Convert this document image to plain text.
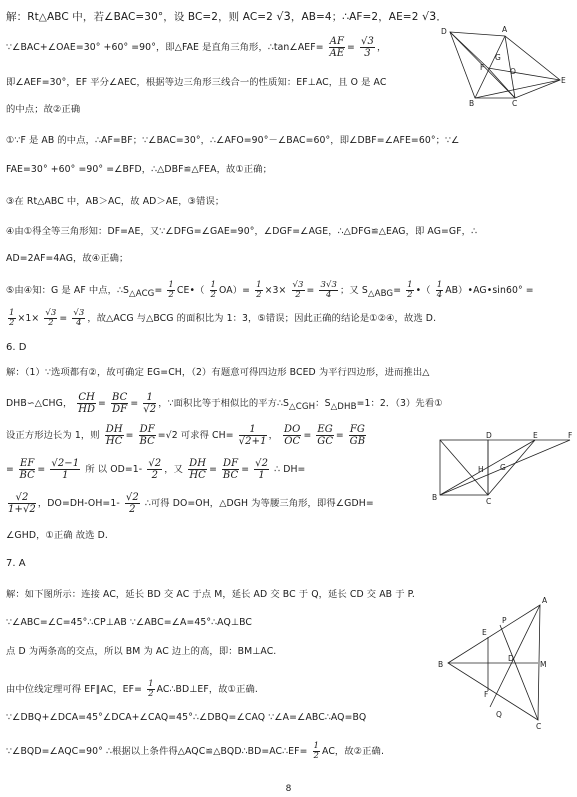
解：Rt△ABC 中，若∠BAC=30°，设 BC=2，则 AC=2 √3，AB=4；∴AF=2，AE=2 √3．
∵∠BAC+∠OAE=30° +60° =90°，即△FAE 是直角三角形，∴tan∠AEF= $\frac{AF}{AE} = \frac{√3}{3}$ ，
即∠AEF=30°，EF 平分∠AEC，根据等边三角形三线合一的性质知：EF⊥AC，且 O 是 AC
的中点；故②正确
①∵F 是 AB 的中点，∴AF=BF；∵∠BAC=30°，∴∠AFO=90°－∠BAC=60°，即∠DBF=∠AFE=60°；∵∠
FAE=30° +60° =90° =∠BFD，∴△DBF≌△FEA，故①正确；
③在 Rt△ABC 中，AB＞AC，故 AD＞AE，③错误；
④由①得全等三角形知：DF=AE，又∵∠DFG=∠GAE=90°，∠DGF=∠AGE，∴△DFG≌△EAG，即 AG=GF，∴
AD=2AF=4AG，故④正确；
⑤由④知：G 是 AF 中点，$\therefore S_{\triangle ACG}= \frac{1}{2}$ CE•（ $\frac{1}{2} OA)= \frac{1}{2} \times 3\times \frac{√3}{2} = \frac{3√3}{4}$ ；又 $S_{\triangle ABG}= \frac{1}{2}$ •（ $\frac{1}{4}$ AB）•AG•sin60° =
$\frac{1}{2} \times 1\times \frac{√3}{2} = \frac{√3}{4}$ ，故△ACG 与△BCG 的面积比为 1：3，⑤错误；因此正确的结论是①②④，故选 D.
6. D
解：（1）∵选项都有②，故可确定 EG=CH，（2）有题意可得四边形 BCED 为平行四边形，进而推出△
DHB∽△CHG， $\frac{CH}{HD} = \frac{BC}{DF} = \frac{1}{√2}$ ，∵面积比等于相似比的平方$\therefore S_{\triangle CGH}$：$S_{\triangle DHB}=1$：2．（3）先看①
设正方形边长为 1，则 $\frac{DH}{HC} = \frac{DF}{BC} =√2$ 可求得 $CH= \frac{1}{√2+1}$ ， $\frac{DO}{OC} = \frac{EG}{GC} = \frac{FG}{GB}$
= $\frac{EF}{BC} = \frac{√2-1}{1}$ 所 以 $OD=1- \frac{√2}{2}$ ，又 $\frac{DH}{HC} = \frac{DF}{BC} = \frac{√2}{1}$ ∴ DH=
$\frac{√2}{1+√2}$ ，$DO=DH-OH=1- \frac{√2}{2}$ ∴可得 DO=OH，△DGH 为等腰三角形，即得∠GDH=
∠GHD，①正确 故选 D.
7. A
解：如下图所示：连接 AC，延长 BD 交 AC 于点 M，延长 AD 交 BC 于 Q，延长 CD 交 AB 于 P.
∵∠ABC=∠C=45°∴CP⊥AB ∵∠ABC=∠A=45°∴AQ⊥BC
点 D 为两条高的交点，所以 BM 为 AC 边上的高，即：BM⊥AC.
由中位线定理可得 EF∥AC，$EF= \frac{1}{2}$ AC∴BD⊥EF，故①正确.
∵∠DBQ+∠DCA=45°∠DCA+∠CAQ=45°∴∠DBQ=∠CAQ ∵∠A=∠ABC∴AQ=BQ
∵∠BQD=∠AQC=90° ∴根据以上条件得△AQC≌△BQD∴BD=AC∴EF= $\frac{1}{2}$ AC，故②正确.
8
D	A
E
F	O
G
B	C
D	E	F
B	C
G
H
A
P
E
D
M
B
F
Q
C
